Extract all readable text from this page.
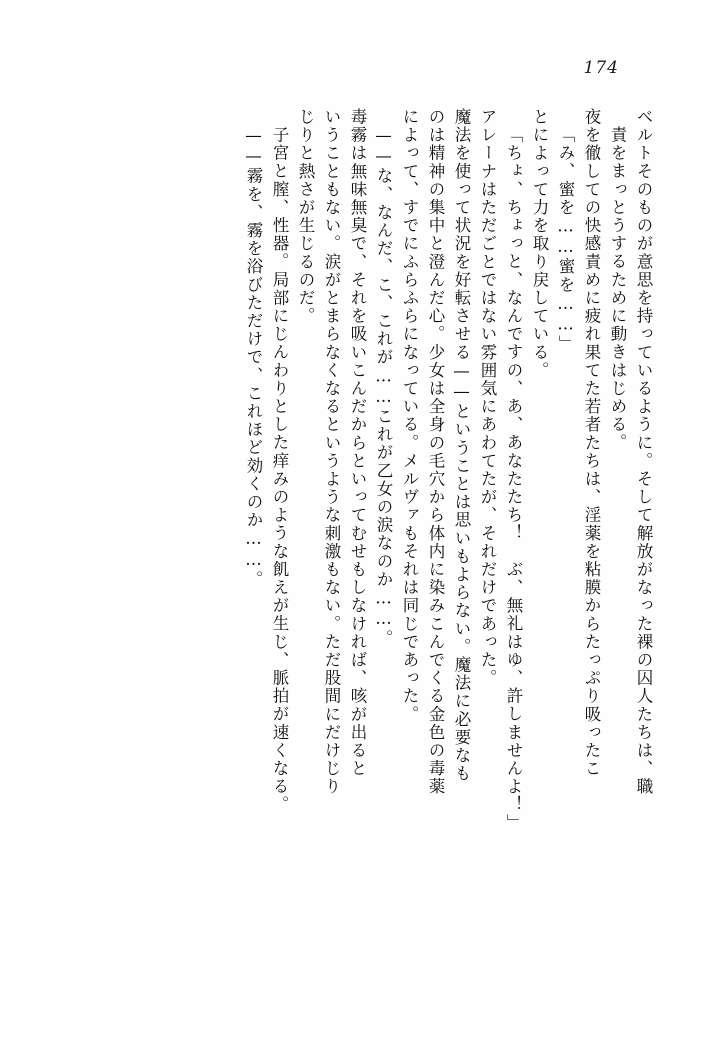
174
ベルトそのものが意思を持っているように。そして解放がなった裸の囚人たちは、職
責をまっとうするために動きはじめる。
夜を徹しての快感責めに疲れ果てた若者たちは、淫薬を粘膜からたっぷり吸ったこ
「み、蜜を……蜜を……」
とによって力を取り戻している。
「ちょ、ちょっと、なんですの、あ、あなたたち！　ぶ、無礼はゆ、許しませんよ！」
アレーナはただごとではない雰囲気にあわてたが、それだけであった。
魔法を使って状況を好転させる——ということは思いもよらない。魔法に必要なも
のは精神の集中と澄んだ心。少女は全身の毛穴から体内に染みこんでくる金色の毒薬
によって、すでにふらふらになっている。メルヴァもそれは同じであった。
——な、なんだ、こ、これが……これが乙女の涙なのか……。
毒霧は無味無臭で、それを吸いこんだからといってむせもしなければ、咳が出ると
いうこともない。涙がとまらなくなるというような刺激もない。ただ股間にだけじり
じりと熱さが生じるのだ。
子宮と膣、性器。局部にじんわりとした痒みのような飢えが生じ、脈拍が速くなる。
——霧を、霧を浴びただけで、これほど効くのか……。
